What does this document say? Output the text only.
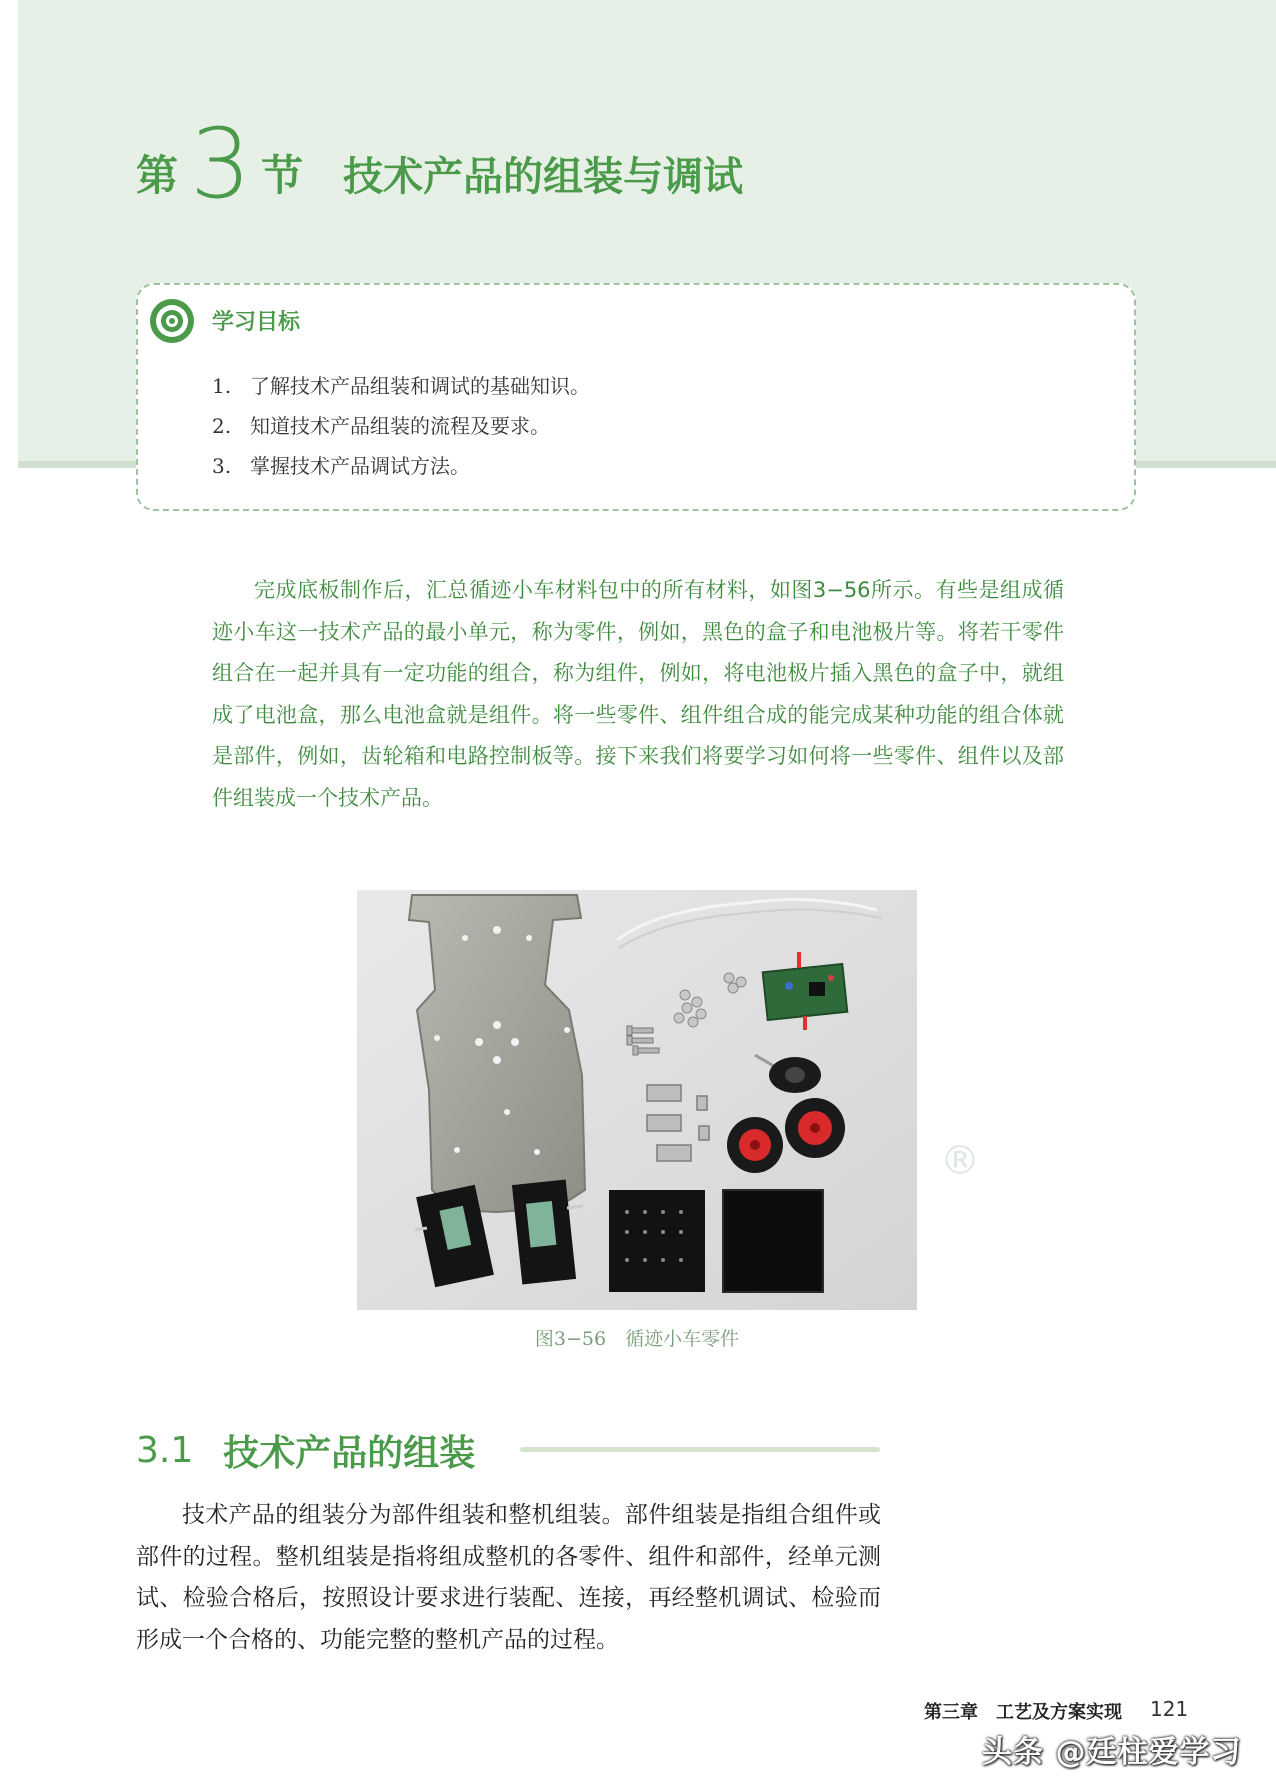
第 3 节 技术产品的组装与调试
学习目标
1. 了解技术产品组装和调试的基础知识。
2. 知道技术产品组装的流程及要求。
3. 掌握技术产品调试方法。

完成底板制作后，汇总循迹小车材料包中的所有材料，如图3−56所示。有些是组成循迹小车这一技术产品的最小单元，称为零件，例如，黑色的盒子和电池极片等。将若干零件组合在一起并具有一定功能的组合，称为组件，例如，将电池极片插入黑色的盒子中，就组成了电池盒，那么电池盒就是组件。将一些零件、组件组合成的能完成某种功能的组合体就是部件，例如，齿轮箱和电路控制板等。接下来我们将要学习如何将一些零件、组件以及部件组装成一个技术产品。

®
图3−56　循迹小车零件
3.1 技术产品的组装

技术产品的组装分为部件组装和整机组装。部件组装是指组合组件或部件的过程。整机组装是指将组成整机的各零件、组件和部件，经单元测试、检验合格后，按照设计要求进行装配、连接，再经整机调试、检验而形成一个合格的、功能完整的整机产品的过程。

第三章　工艺及方案实现 121
头条 @廷柱爱学习
